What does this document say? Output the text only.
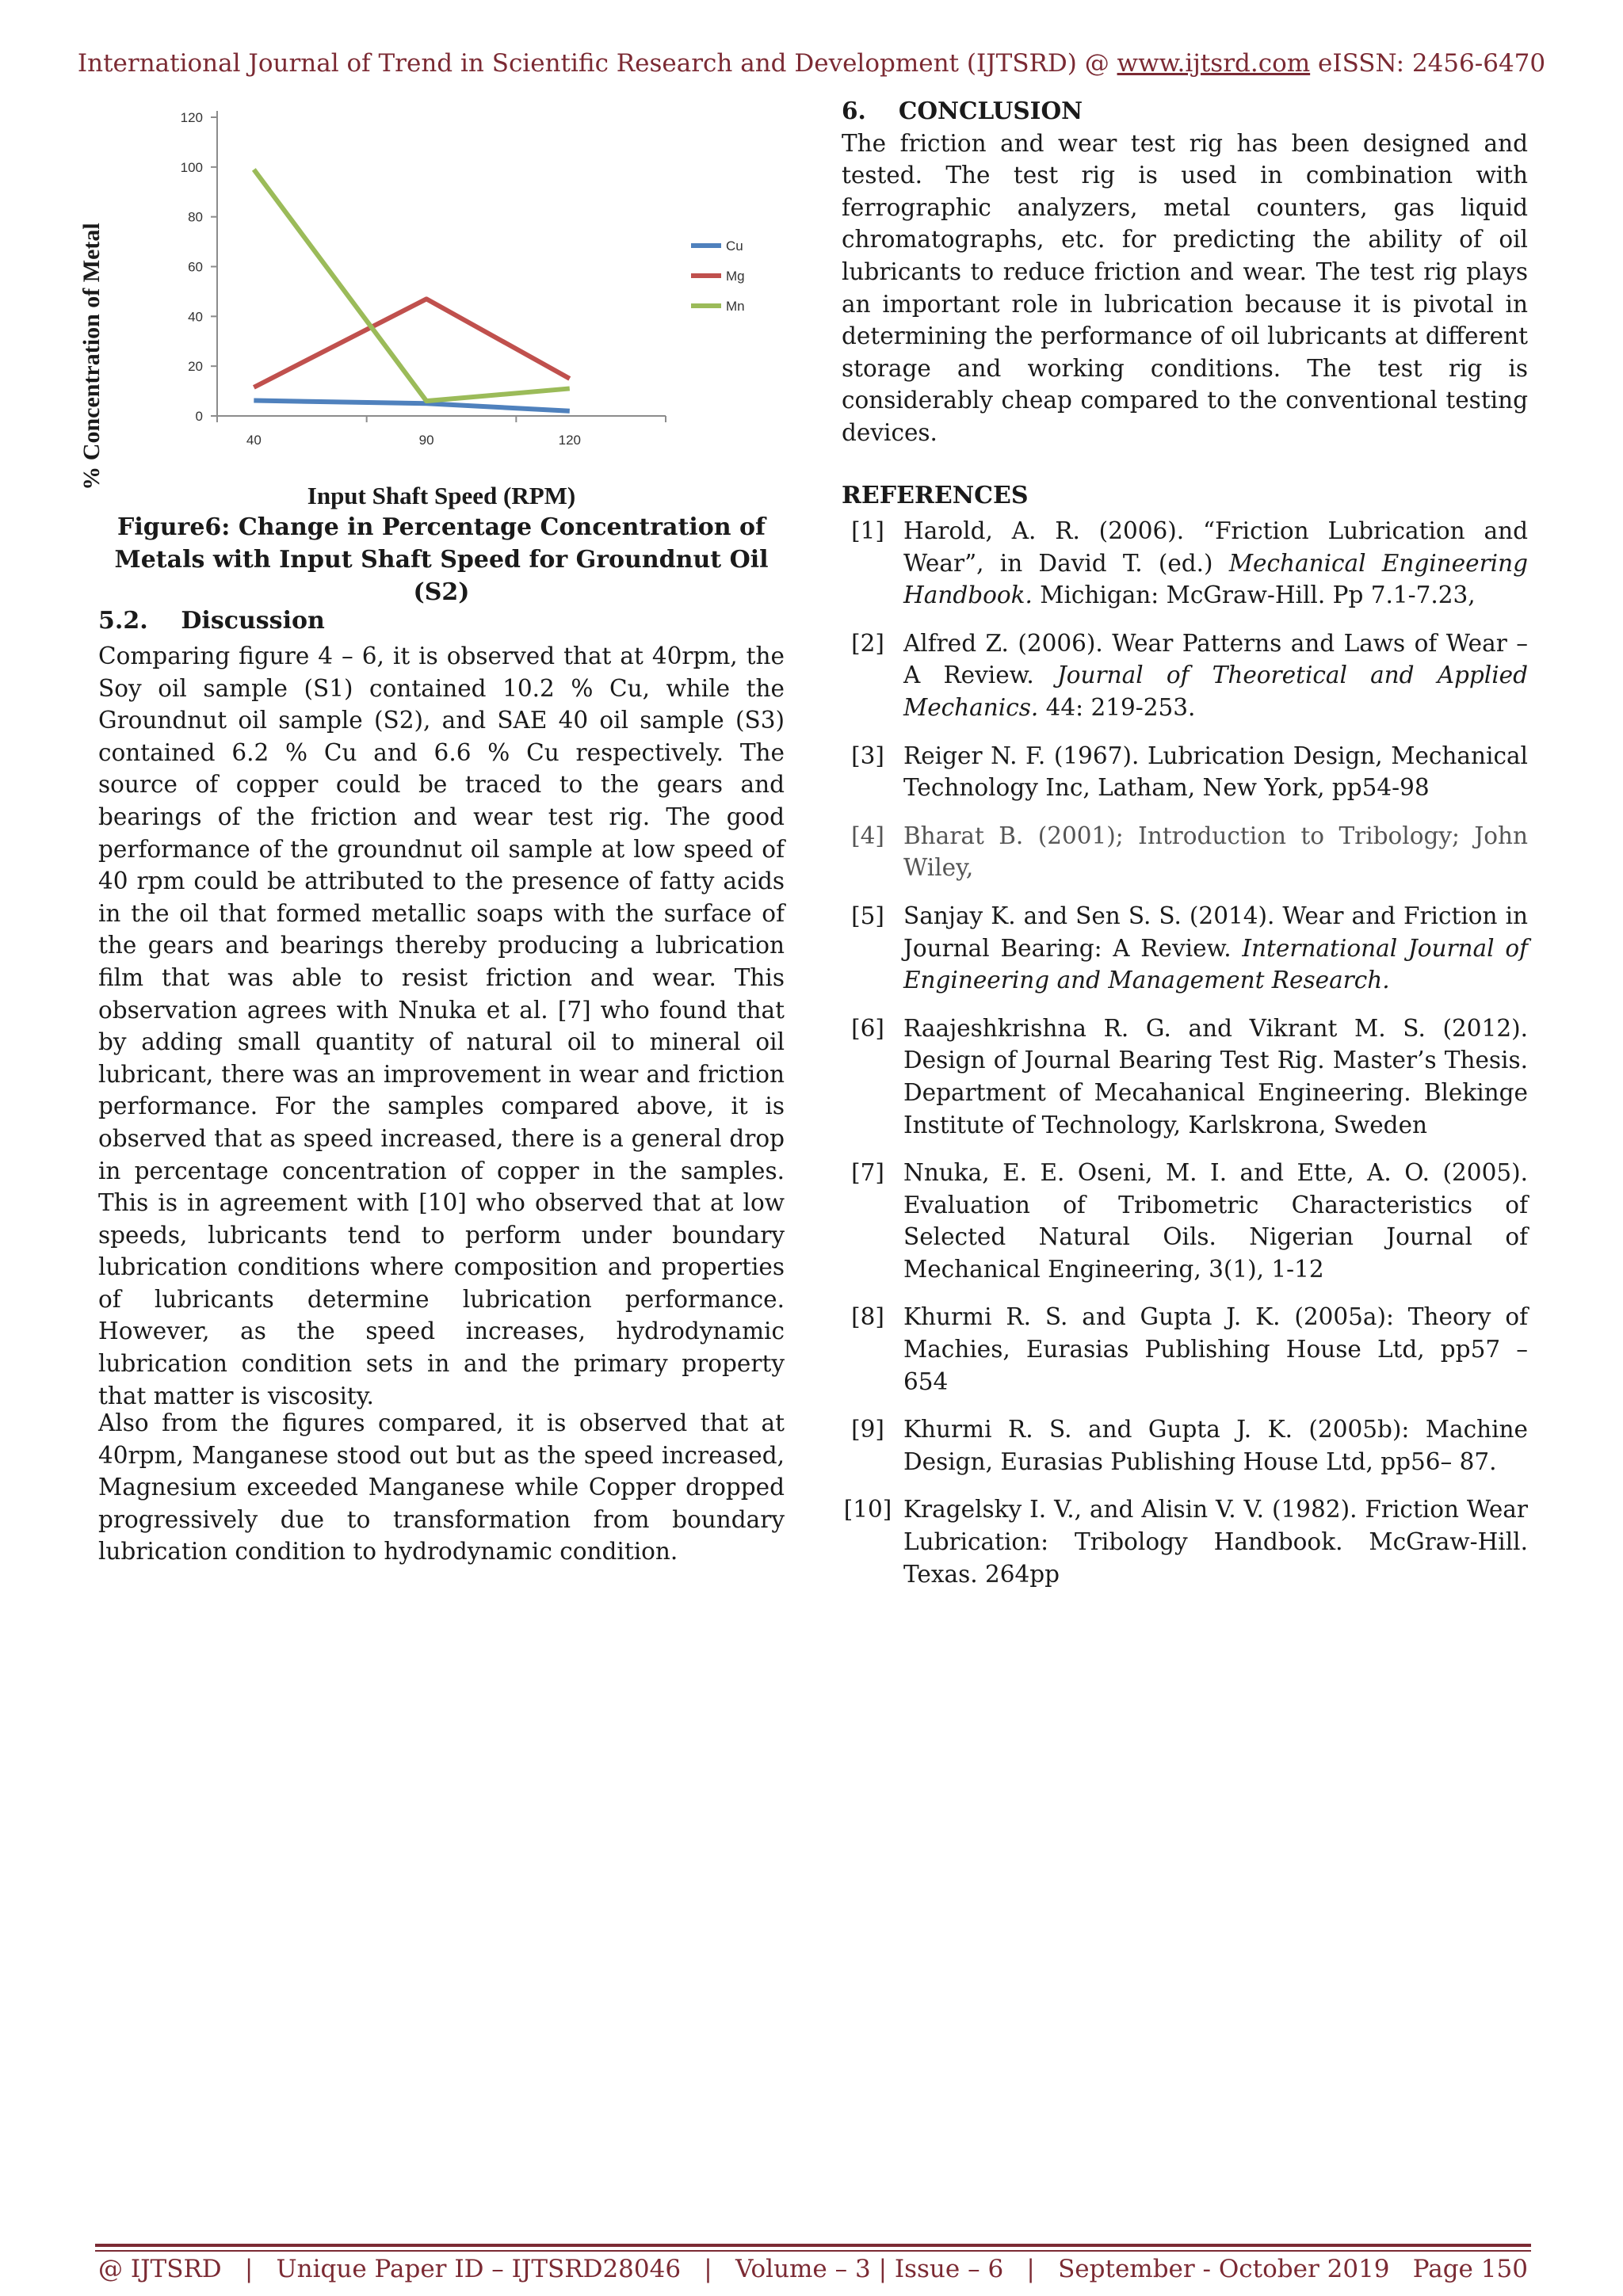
International Journal of Trend in Scientific Research and Development (IJTSRD) @ www.ijtsrd.com eISSN: 2456-6470
0
20
40
60
80
100
120
40	90	120
Cu
Mg
Mn
% Concentration of Metal
Input Shaft Speed (RPM)
Figure6: Change in Percentage Concentration of
Metals with Input Shaft Speed for Groundnut Oil (S2)
5.2.    Discussion
Comparing figure 4 – 6, it is observed that at 40rpm, the Soy oil sample (S1) contained 10.2 % Cu, while the Groundnut oil sample (S2), and SAE 40 oil sample (S3) contained 6.2 % Cu and 6.6 % Cu respectively. The source of copper could be traced to the gears and bearings of the friction and wear test rig. The good performance of the groundnut oil sample at low speed of 40 rpm could be attributed to the presence of fatty acids in the oil that formed metallic soaps with the surface of the gears and bearings thereby producing a lubrication film that was able to resist friction and wear. This observation agrees with Nnuka et al. [7] who found that by adding small quantity of natural oil to mineral oil lubricant, there was an improvement in wear and friction performance. For the samples compared above, it is observed that as speed increased, there is a general drop in percentage concentration of copper in the samples. This is in agreement with [10] who observed that at low speeds, lubricants tend to perform under boundary lubrication conditions where composition and properties of lubricants determine lubrication performance. However, as the speed increases, hydrodynamic lubrication condition sets in and the primary property that matter is viscosity.
Also from the figures compared, it is observed that at 40rpm, Manganese stood out but as the speed increased, Magnesium exceeded Manganese while Copper dropped progressively due to transformation from boundary lubrication condition to hydrodynamic condition.
6.    CONCLUSION
The friction and wear test rig has been designed and tested. The test rig is used in combination with ferrographic analyzers, metal counters, gas liquid chromatographs, etc. for predicting the ability of oil lubricants to reduce friction and wear. The test rig plays an important role in lubrication because it is pivotal in determining the performance of oil lubricants at different storage and working conditions. The test rig is considerably cheap compared to the conventional testing devices.
REFERENCES
[1] Harold, A. R. (2006). “Friction Lubrication and Wear”, in David T. (ed.) Mechanical Engineering Handbook. Michigan: McGraw-Hill. Pp 7.1-7.23,
[2] Alfred Z. (2006). Wear Patterns and Laws of Wear – A Review. Journal of Theoretical and Applied Mechanics. 44: 219-253.
[3] Reiger N. F. (1967). Lubrication Design, Mechanical Technology Inc, Latham, New York, pp54-98
[4] Bharat B. (2001); Introduction to Tribology; John Wiley,
[5] Sanjay K. and Sen S. S. (2014). Wear and Friction in Journal Bearing: A Review. International Journal of Engineering and Management Research.
[6] Raajeshkrishna R. G. and Vikrant M. S. (2012). Design of Journal Bearing Test Rig. Master’s Thesis. Department of Mecahanical Engineering. Blekinge Institute of Technology, Karlskrona, Sweden
[7] Nnuka, E. E. Oseni, M. I. and Ette, A. O. (2005). Evaluation of Tribometric Characteristics of Selected Natural Oils. Nigerian Journal of Mechanical Engineering, 3(1), 1-12
[8] Khurmi R. S. and Gupta J. K. (2005a): Theory of Machies, Eurasias Publishing House Ltd, pp57 – 654
[9] Khurmi R. S. and Gupta J. K. (2005b): Machine Design, Eurasias Publishing House Ltd, pp56– 87.
[10] Kragelsky I. V., and Alisin V. V. (1982). Friction Wear Lubrication: Tribology Handbook. McGraw-Hill. Texas. 264pp
@ IJTSRD | Unique Paper ID – IJTSRD28046 | Volume – 3 | Issue – 6 | September - October 2019 Page 150
